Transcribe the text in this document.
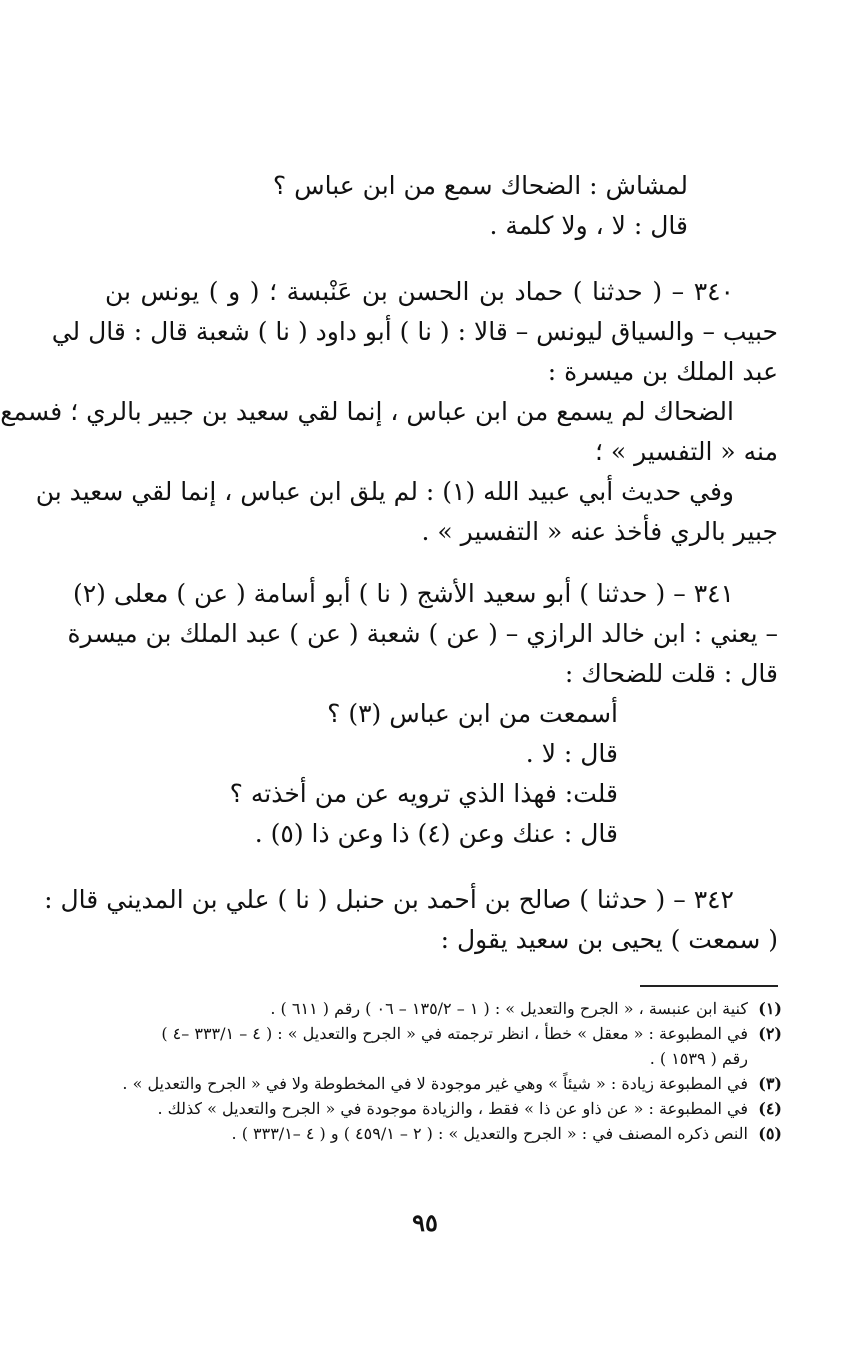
لمشاش : الضحاك سمع من ابن عباس ؟
قال : لا ، ولا كلمة .
٣٤٠ – ( حدثنا ) حماد بن الحسن بن عَنْبسة ؛ ( و ) يونس بن
حبيب – والسياق ليونس – قالا : ( نا ) أبو داود ( نا ) شعبة قال : قال لي
عبد الملك بن ميسرة :
الضحاك لم يسمع من ابن عباس ، إنما لقي سعيد بن جبير بالري ؛ فسمع
منه « التفسير » ؛
وفي حديث أبي عبيد الله (١) : لم يلق ابن عباس ، إنما لقي سعيد بن
جبير بالري فأخذ عنه « التفسير » .
٣٤١ – ( حدثنا ) أبو سعيد الأشج ( نا ) أبو أسامة ( عن ) معلى (٢)
– يعني : ابن خالد الرازي – ( عن ) شعبة ( عن ) عبد الملك بن ميسرة
قال : قلت للضحاك :
أسمعت من ابن عباس (٣) ؟
قال : لا .
قلت: فهذا الذي ترويه عن من أخذته ؟
قال : عنك وعن (٤) ذا وعن ذا (٥) .
٣٤٢ – ( حدثنا ) صالح بن أحمد بن حنبل ( نا ) علي بن المديني قال :
( سمعت ) يحيى بن سعيد يقول :
(١)
كنية ابن عنبسة ، « الجرح والتعديل » : ( ١ – ١٣٥/٢ – ٠٦ ) رقم ( ٦١١ ) .
(٢)
في المطبوعة : « معقل » خطأ ، انظر ترجمته في « الجرح والتعديل » : ( ٤ – ٣٣٣/١ –٤ )
رقم ( ١٥٣٩ ) .
(٣)
في المطبوعة زيادة : « شيئاً » وهي غير موجودة لا في المخطوطة ولا في « الجرح والتعديل » .
(٤)
في المطبوعة : « عن ذاو عن ذا » فقط ، والزيادة موجودة في « الجرح والتعديل » كذلك .
(٥)
النص ذكره المصنف في : « الجرح والتعديل » : ( ٢ – ٤٥٩/١ ) و ( ٤ –٣٣٣/١ ) .
٩٥
